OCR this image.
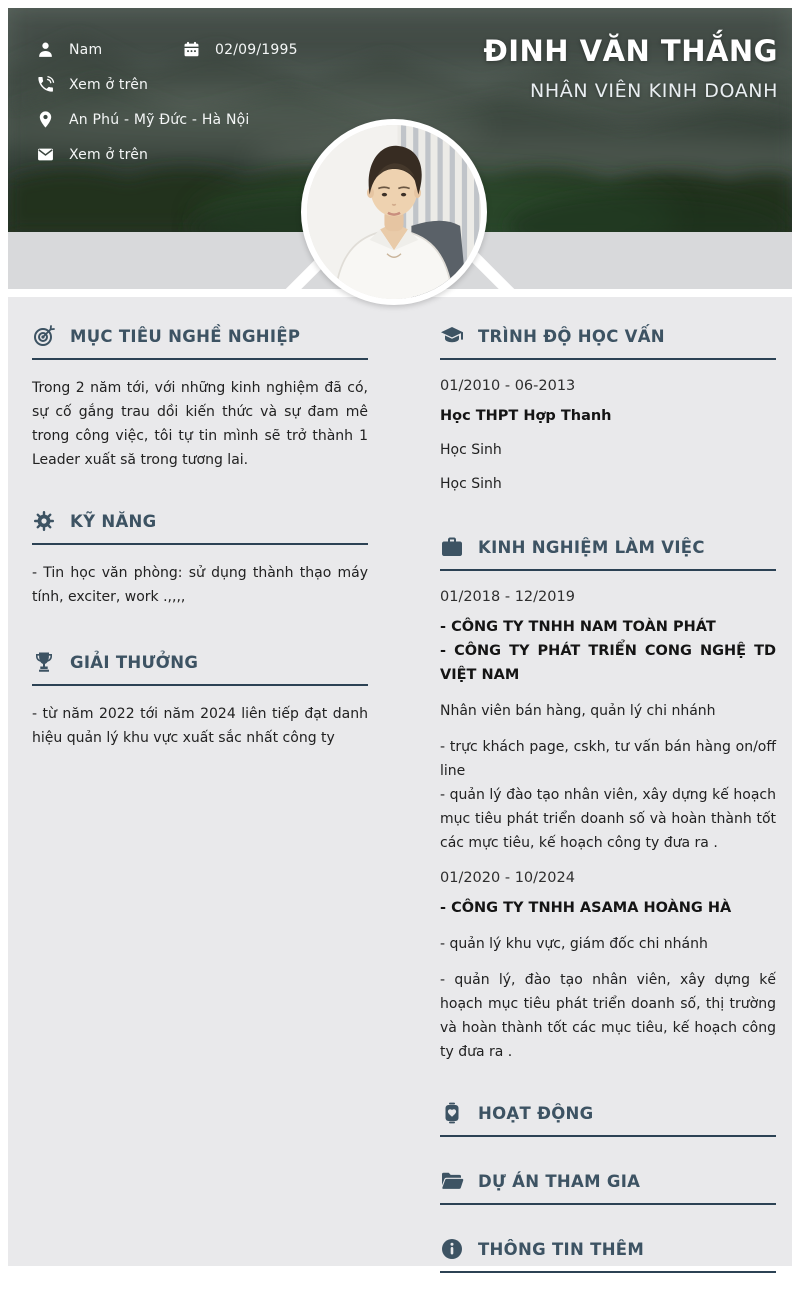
Nam	02/09/1995
Xem ở trên
An Phú - Mỹ Đức - Hà Nội
Xem ở trên
ĐINH VĂN THẮNG
NHÂN VIÊN KINH DOANH
MỤC TIÊU NGHỀ NGHIỆP
Trong 2 năm tới, với những kinh nghiệm đã có, sự cố gắng trau dồi kiến thức và sự đam mê trong công việc, tôi tự tin mình sẽ trở thành 1 Leader xuất să trong tương lai.
KỸ NĂNG
- Tin học văn phòng: sử dụng thành thạo máy tính, exciter, work .,,,,
GIẢI THƯỞNG
- từ năm 2022 tới năm 2024 liên tiếp đạt danh hiệu quản lý khu vực xuất sắc nhất công ty
TRÌNH ĐỘ HỌC VẤN
01/2010 - 06-2013
Học THPT Hợp Thanh
Học Sinh
Học Sinh
KINH NGHIỆM LÀM VIỆC
01/2018 - 12/2019
- CÔNG TY TNHH NAM TOÀN PHÁT
- CÔNG TY PHÁT TRIỂN CONG NGHỆ TD VIỆT NAM
Nhân viên bán hàng, quản lý chi nhánh
- trực khách page, cskh, tư vấn bán hàng on/off line
- quản lý đào tạo nhân viên, xây dựng kế hoạch mục tiêu phát triển doanh số và hoàn thành tốt các mực tiêu, kế hoạch công ty đưa ra .
01/2020 - 10/2024
- CÔNG TY TNHH ASAMA HOÀNG HÀ
- quản lý khu vực, giám đốc chi nhánh
- quản lý, đào tạo nhân viên, xây dựng kế hoạch mục tiêu phát triển doanh số, thị trường và hoàn thành tốt các mục tiêu, kế hoạch công ty đưa ra .
HOẠT ĐỘNG
DỰ ÁN THAM GIA
THÔNG TIN THÊM
